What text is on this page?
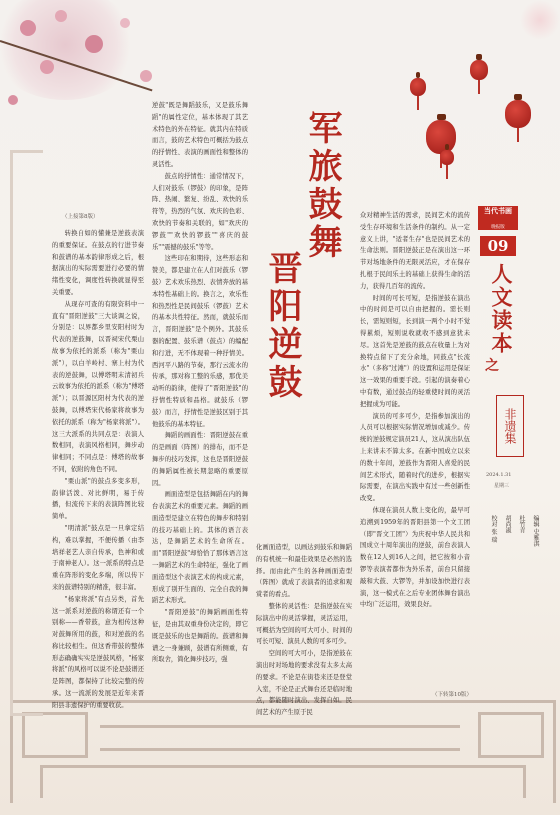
军旅鼓舞
晋阳逆鼓
（上接第8版）

转换自如的懂兼是逆鼓表演的重要保证。在鼓点的行进节奏和鼓谱的基本韵律形成之后，根据演出的实际需要进行必要的情绪性变化，调度性转换就显得至关重要。

从现存可查的有限资料中一直有"晋阳逆鼓"三大谈调之说，分别是：以界都乡里安阳村时为代表的逆鼓舞，以晋祠宋代栗山故事为依托的派系（称为"栗山派"），以白羊岭村、寨上村为代表的逆鼓舞，以傅塔明末清初兵云故事为依托的派系（称为"傅塔派"）；以晋源区阳村为代表的逆鼓舞，以傅塔宋代杨家将故事为依托的派系（称为"杨家将派"）。这三大派系的共同点是：表演人数相同，表演风格相同，舞步动律相同；不同点是：傅塔的故事不同，依附的角色不同。

"栗山派"的鼓点多变多形，韵律活泼、对比鲜明，易于传播，但流传下来的表演阵图比较简单。

"明清派"鼓点是一旦拿定结构，难以掌握，不便传播（由李培祥老艺人亲自传承，色神和或于南神老人）。这一派系的特点是重在阵形的变化多端，所以传下来的鼓谱特别的精准，很丰富。

"杨家将派"有点另类，首先这一派系对逆鼓的称谓还有一个别称——香带鼓，意为相传这种对鼓舞所用的鼓，和对逆鼓的名称比较相生。但这香带鼓的整体形态确确实实是逆鼓风格，"杨家将派"的风格可以说不论是鼓谱还是阵图，都保持了比较完整的传承。这一流派的发展是近年来晋阳县非遗保护的重要收获。

逆鼓"既是舞蹈鼓乐，又是鼓乐舞蹈"的属性定位，基本体现了其艺术特色的外在特征。就其内在特质而言，鼓的艺术特色可概括为鼓点的抒情性、表演的画面性和整体的灵活性。

鼓点的抒情性：通常情况下，人们对鼓乐（锣鼓）的印象，是阵阵、热闹、繁复、纷乱、欢快的乐符等，热烈的气氛、欢庆的色彩、欢快的节奏和关联的，如"欢庆的锣鼓""欢快的锣鼓""喜庆的鼓乐""震撼的鼓乐"等等。

这些印在和期待，这些形态和赞美，都是建立在人们对鼓乐（锣鼓）艺术欢乐热烈、表情奔放的基本特性基础上的。换言之，欢乐性和热烈性是民间鼓乐（锣鼓）艺术的基本共性特征。然而，就鼓乐而言，晋阳逆鼓"是个例外。其鼓乐器的配置、鼓乐谱（鼓点）的编配和行进，无不体现着一种抒情美。西河平八路的节奏，那行云流水的传承，那对称工整的乐感，那优美动听的韵律，使得了"晋阳逆鼓"的抒情性特质和品格。就鼓乐（锣鼓）而言，抒情性是逆鼓区别于其他鼓乐的基本特征。

舞蹈的画面性：晋阳逆鼓在重的是画面（阵图）的排布，而不是舞步的技巧发挥，这也是晋阳逆鼓的舞蹈属性被长期忽略的重要原因。

画面造型是包括舞蹈在内的舞台表演艺术的重要元素。舞蹈的画面造型是建立在特色的舞步和特别的技巧基础上的。其体的语言表达，是舞蹈艺术的生命所在。而"晋阳逆鼓"却恰恰了那体语言这一舞蹈艺术的生命特征，强化了画面造型这个表演艺术的构成元素，形成了别开生面的、完全自我的舞蹈艺术形式。

"晋阳逆鼓"的舞蹈画面性特征，是由其双重身份决定的，即它既是鼓乐的也是舞蹈的。鼓谱和舞谱之一身兼顾，鼓谱有所侧重，有所取舍，简化舞步技巧，强

化画面造型，以画达到鼓乐和舞蹈的有机统一和最佳效果是必然的选择。而由此产生的各种画面造型（阵图）就成了表演者的追求和观赏者的看点。

整体的灵活性：是指逆鼓在实际演出中的灵活掌握，灵活运用，可概括为空间的可大可小、时间的可长可短、演员人数的可多可少。

空间的可大可小，是指逆鼓在演出时对场地的要求没有太多太高的要求。不论是在街巷来还是登堂入室，不论是正式舞台还是临时地点，都能随时演出、发挥自如。民间艺术的产生原于民

众对精神生活的需求，民间艺术的流传受生存环境和生活条件的制约。从一定意义上讲，"适者生存"也是民间艺术的生命法则。晋阳逆鼓正是在演出这一环节对场地条件的无限灵活应，才在保存扎根于民间乐土的基础上获得生命的活力，获得几百年的流传。

时间的可长可短，是指逆鼓在演出中的时间是可以自由把握的。需长则长，需短则短，长到演一两个小时不觉得累烦，短则说收就收不感到意犹未尽。这首先是逆鼓的鼓点在收量上为对换特点留下了充分余地，同鼓点"长流水"（多称"过滩"）的设置和运用是保证这一效果的重要手段。引起的演奏着心中有数，通过鼓点的轻重使时间的灵活把握成为可能。

演员的可多可少，是指参加演出的人员可以根据实际情况增加或减少。传统的逆鼓规定演员21人，这从演出队伍上来讲未不算太多。在新中国成立以来的数十年间，逆鼓作为晋阳人喜爱的民间艺术形式，随着时代的进步，根据实际需要，在演出实践中有过一些创新性改变。

体现在演员人数上变化的，最早可追溯到1959年的晋阳县第一个文工团（即"晋文工团"）为庆祝中华人民共和国成立十周年演出的逆鼓，前台表演人数在12人到16人之间，把它按和小音锣等表演者都作为外乐者，前台只留接敲和大鼓、大锣等，并加设加快进行表演，这一模式在之后专业团体舞台演出中均广泛运用，效果良好。

（下转第10版）
当代书画
晚报版
09
人文读本
之
非遗集
2024.1.31
星期三
编辑 史雅淇
杜竹青
胡尚淑
校对 张 瑞
